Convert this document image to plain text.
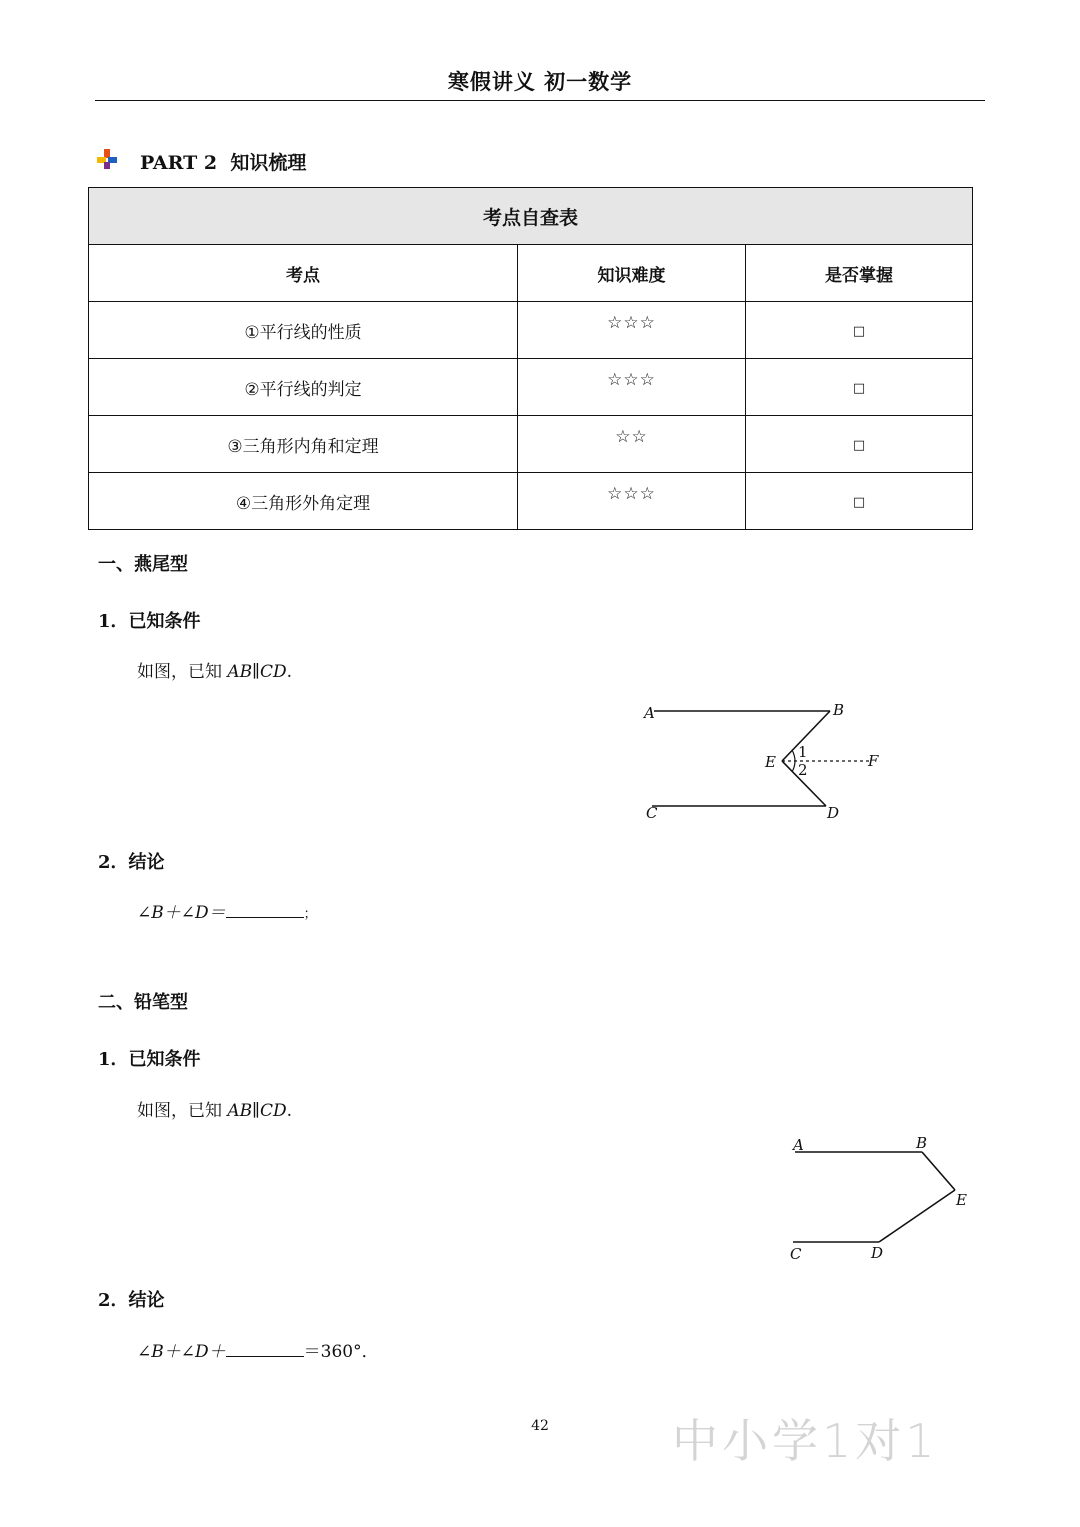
寒假讲义 初一数学
PART 2 知识梳理
考点自查表		
考点	知识难度	是否掌握
①平行线的性质	☆☆☆	□
②平行线的判定	☆☆☆	□
③三角形内角和定理	☆☆	□
④三角形外角定理	☆☆☆	□
一、燕尾型
1．已知条件
如图，已知 AB∥CD.
A	B
E	F
C	D
1
2
2．结论
∠B＋∠D＝	；
二、铅笔型
1．已知条件
如图，已知 AB∥CD.
A	B
E
C	D
2．结论
∠B＋∠D＋	＝360°．
42	中小学1对1
